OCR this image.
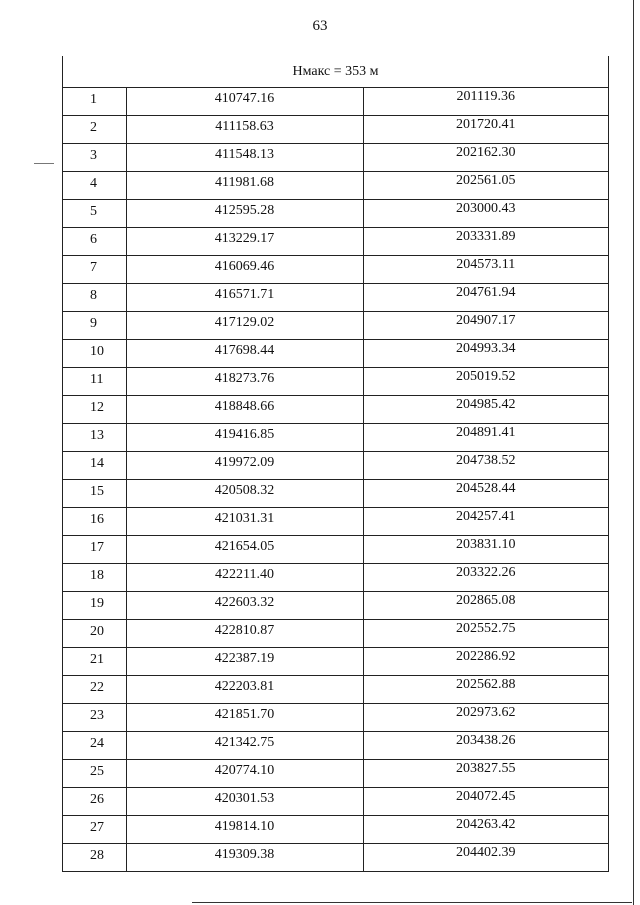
63
Нмакс = 353 м
1	410747.16	201119.36
2	411158.63	201720.41
3	411548.13	202162.30
4	411981.68	202561.05
5	412595.28	203000.43
6	413229.17	203331.89
7	416069.46	204573.11
8	416571.71	204761.94
9	417129.02	204907.17
10	417698.44	204993.34
11	418273.76	205019.52
12	418848.66	204985.42
13	419416.85	204891.41
14	419972.09	204738.52
15	420508.32	204528.44
16	421031.31	204257.41
17	421654.05	203831.10
18	422211.40	203322.26
19	422603.32	202865.08
20	422810.87	202552.75
21	422387.19	202286.92
22	422203.81	202562.88
23	421851.70	202973.62
24	421342.75	203438.26
25	420774.10	203827.55
26	420301.53	204072.45
27	419814.10	204263.42
28	419309.38	204402.39
